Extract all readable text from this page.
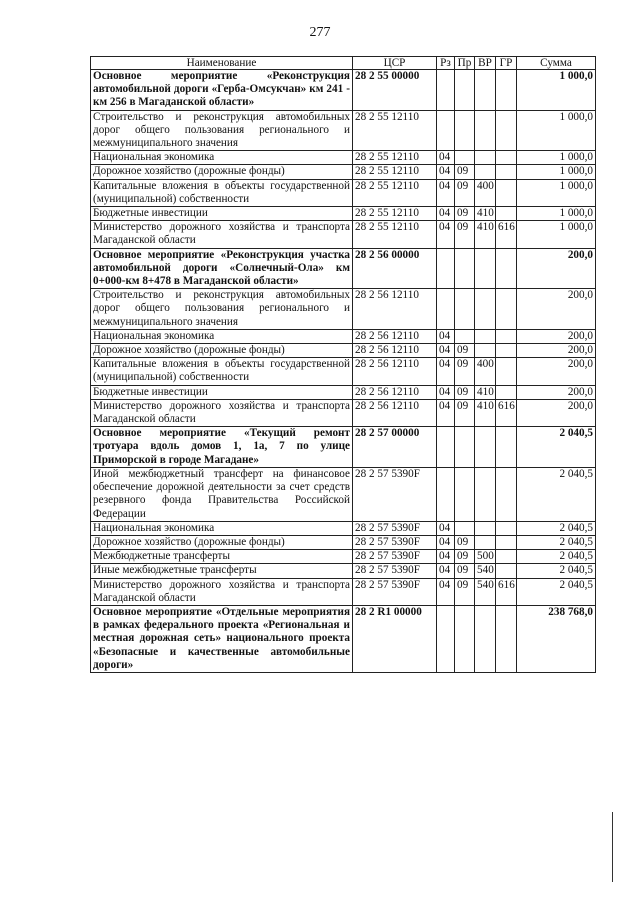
277
Наименование	ЦСР	Рз	Пр	ВР	ГР	Сумма
Основное мероприятие «Реконструкция автомобильной дороги «Герба-Омсукчан» км 241 - км 256 в Магаданской области»	28 2 55 00000					1 000,0
Строительство и реконструкция автомобильных дорог общего пользования регионального и межмуниципального значения	28 2 55 12110					1 000,0
Национальная экономика	28 2 55 12110	04				1 000,0
Дорожное хозяйство (дорожные фонды)	28 2 55 12110	04	09			1 000,0
Капитальные вложения в объекты государственной (муниципальной) собственности	28 2 55 12110	04	09	400		1 000,0
Бюджетные инвестиции	28 2 55 12110	04	09	410		1 000,0
Министерство дорожного хозяйства и транспорта Магаданской области	28 2 55 12110	04	09	410	616	1 000,0
Основное мероприятие «Реконструкция участка автомобильной дороги «Солнечный-Ола» км 0+000-км 8+478 в Магаданской области»	28 2 56 00000					200,0
Строительство и реконструкция автомобильных дорог общего пользования регионального и межмуниципального значения	28 2 56 12110					200,0
Национальная экономика	28 2 56 12110	04				200,0
Дорожное хозяйство (дорожные фонды)	28 2 56 12110	04	09			200,0
Капитальные вложения в объекты государственной (муниципальной) собственности	28 2 56 12110	04	09	400		200,0
Бюджетные инвестиции	28 2 56 12110	04	09	410		200,0
Министерство дорожного хозяйства и транспорта Магаданской области	28 2 56 12110	04	09	410	616	200,0
Основное мероприятие «Текущий ремонт тротуара вдоль домов 1, 1а, 7 по улице Приморской в городе Магадане»	28 2 57 00000					2 040,5
Иной межбюджетный трансферт на финансовое обеспечение дорожной деятельности за счет средств резервного фонда Правительства Российской Федерации	28 2 57 5390F					2 040,5
Национальная экономика	28 2 57 5390F	04				2 040,5
Дорожное хозяйство (дорожные фонды)	28 2 57 5390F	04	09			2 040,5
Межбюджетные трансферты	28 2 57 5390F	04	09	500		2 040,5
Иные межбюджетные трансферты	28 2 57 5390F	04	09	540		2 040,5
Министерство дорожного хозяйства и транспорта Магаданской области	28 2 57 5390F	04	09	540	616	2 040,5
Основное мероприятие «Отдельные мероприятия в рамках федерального проекта «Региональная и местная дорожная сеть» национального проекта «Безопасные и качественные автомобильные дороги»	28 2 R1 00000					238 768,0
